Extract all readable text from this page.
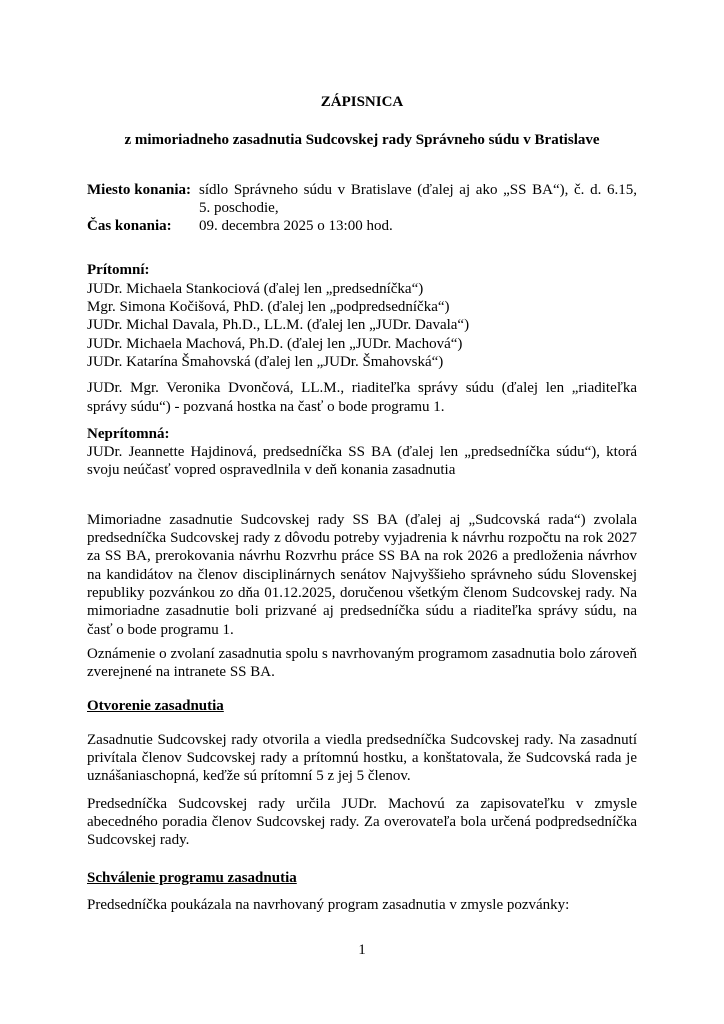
ZÁPISNICA
z mimoriadneho zasadnutia Sudcovskej rady Správneho súdu v Bratislave
Miesto konania: sídlo Správneho súdu v Bratislave (ďalej aj ako „SS BA“), č. d. 6.15,
5. poschodie,
Čas konania:	09. decembra 2025 o 13:00 hod.
Prítomní:
JUDr. Michaela Stankociová (ďalej len „predsedníčka“)
Mgr. Simona Kočišová, PhD. (ďalej len „podpredsedníčka“)
JUDr. Michal Davala, Ph.D., LL.M. (ďalej len „JUDr. Davala“)
JUDr. Michaela Machová, Ph.D. (ďalej len „JUDr. Machová“)
JUDr. Katarína Šmahovská (ďalej len „JUDr. Šmahovská“)
JUDr. Mgr. Veronika Dvončová, LL.M., riaditeľka správy súdu (ďalej len „riaditeľka správy súdu“) - pozvaná hostka na časť o bode programu 1.
Neprítomná:
JUDr. Jeannette Hajdinová, predsedníčka SS BA (ďalej len „predsedníčka súdu“), ktorá svoju neúčasť vopred ospravedlnila v deň konania zasadnutia
Mimoriadne zasadnutie Sudcovskej rady SS BA (ďalej aj „Sudcovská rada“) zvolala predsedníčka Sudcovskej rady z dôvodu potreby vyjadrenia k návrhu rozpočtu na rok 2027 za SS BA, prerokovania návrhu Rozvrhu práce SS BA na rok 2026 a predloženia návrhov na kandidátov na členov disciplinárnych senátov Najvyššieho správneho súdu Slovenskej republiky pozvánkou zo dňa 01.12.2025, doručenou všetkým členom Sudcovskej rady. Na mimoriadne zasadnutie boli prizvané aj predsedníčka súdu a riaditeľka správy súdu, na časť o bode programu 1.
Oznámenie o zvolaní zasadnutia spolu s navrhovaným programom zasadnutia bolo zároveň zverejnené na intranete SS BA.
Otvorenie zasadnutia
Zasadnutie Sudcovskej rady otvorila a viedla predsedníčka Sudcovskej rady. Na zasadnutí privítala členov Sudcovskej rady a prítomnú hostku, a konštatovala, že Sudcovská rada je uznášaniaschopná, keďže sú prítomní 5 z jej 5 členov.
Predsedníčka Sudcovskej rady určila JUDr. Machovú za zapisovateľku v zmysle abecedného poradia členov Sudcovskej rady. Za overovateľa bola určená podpredsedníčka Sudcovskej rady.
Schválenie programu zasadnutia
Predsedníčka poukázala na navrhovaný program zasadnutia v zmysle pozvánky:
1
